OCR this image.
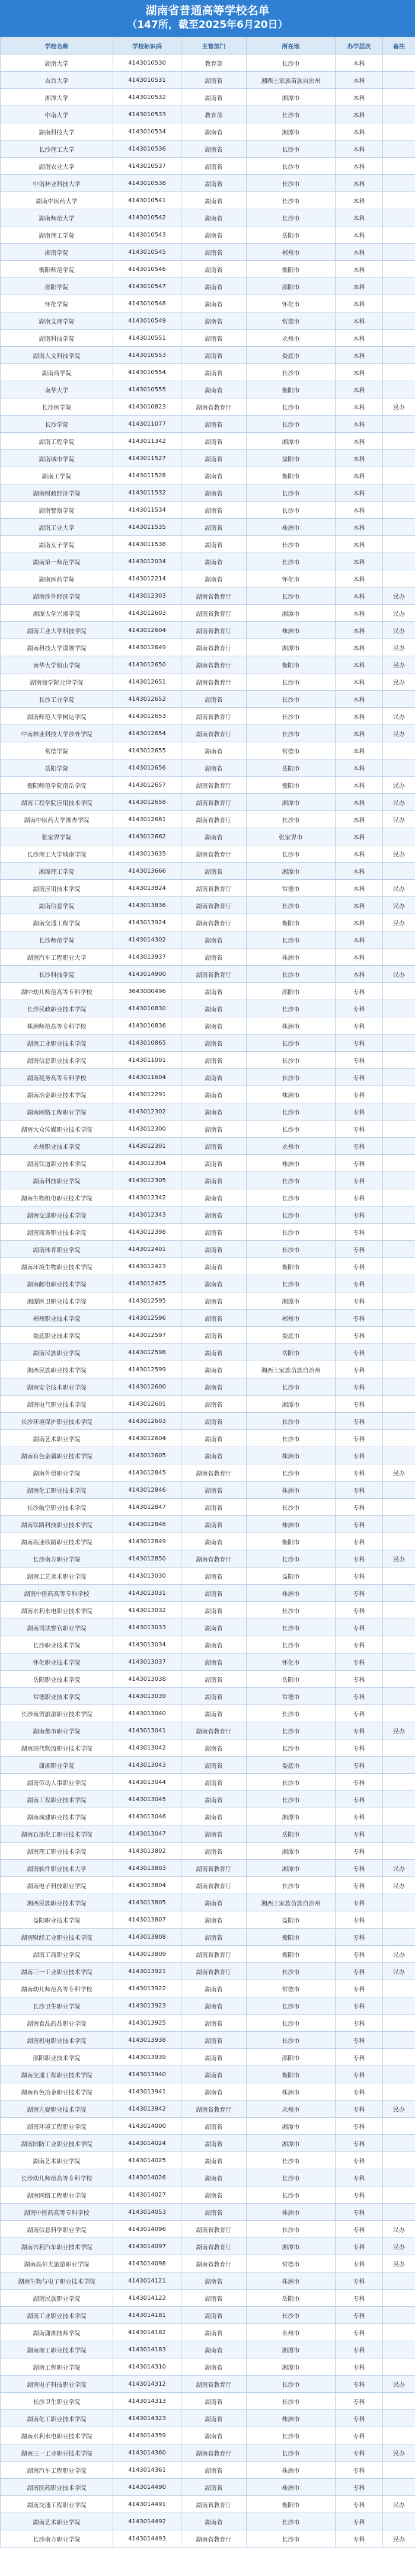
湖南省普通高等学校名单
（147所，截至2025年6月20日）
学校名称	学校标识码	主管部门	所在地	办学层次	备注
湖南大学	4143010530	教育部	长沙市	本科	
吉首大学	4143010531	湖南省	湘西土家族苗族自治州	本科	
湘潭大学	4143010532	湖南省	湘潭市	本科	
中南大学	4143010533	教育部	长沙市	本科	
湖南科技大学	4143010534	湖南省	湘潭市	本科	
长沙理工大学	4143010536	湖南省	长沙市	本科	
湖南农业大学	4143010537	湖南省	长沙市	本科	
中南林业科技大学	4143010538	湖南省	长沙市	本科	
湖南中医药大学	4143010541	湖南省	长沙市	本科	
湖南师范大学	4143010542	湖南省	长沙市	本科	
湖南理工学院	4143010543	湖南省	岳阳市	本科	
湘南学院	4143010545	湖南省	郴州市	本科	
衡阳师范学院	4143010546	湖南省	衡阳市	本科	
邵阳学院	4143010547	湖南省	邵阳市	本科	
怀化学院	4143010548	湖南省	怀化市	本科	
湖南文理学院	4143010549	湖南省	常德市	本科	
湖南科技学院	4143010551	湖南省	永州市	本科	
湖南人文科技学院	4143010553	湖南省	娄底市	本科	
湖南商学院	4143010554	湖南省	长沙市	本科	
南华大学	4143010555	湖南省	衡阳市	本科	
长沙医学院	4143010823	湖南省教育厅	长沙市	本科	民办
长沙学院	4143011077	湖南省	长沙市	本科	
湖南工程学院	4143011342	湖南省	湘潭市	本科	
湖南城市学院	4143011527	湖南省	益阳市	本科	
湖南工学院	4143011528	湖南省	衡阳市	本科	
湖南财政经济学院	4143011532	湖南省	长沙市	本科	
湖南警察学院	4143011534	湖南省	长沙市	本科	
湖南工业大学	4143011535	湖南省	株洲市	本科	
湖南女子学院	4143011538	湖南省	长沙市	本科	
湖南第一师范学院	4143012034	湖南省	长沙市	本科	
湖南医药学院	4143012214	湖南省	怀化市	本科	
湖南涉外经济学院	4143012303	湖南省教育厅	长沙市	本科	民办
湘潭大学兴湘学院	4143012603	湖南省教育厅	湘潭市	本科	民办
湖南工业大学科技学院	4143012604	湖南省教育厅	株洲市	本科	民办
湖南科技大学潇湘学院	4143012649	湖南省教育厅	湘潭市	本科	民办
南华大学船山学院	4143012650	湖南省教育厅	衡阳市	本科	民办
湖南商学院北津学院	4143012651	湖南省教育厅	长沙市	本科	民办
长沙工业学院	4143012652	湖南省	长沙市	本科	
湖南师范大学树达学院	4143012653	湖南省教育厅	长沙市	本科	民办
中南林业科技大学涉外学院	4143012654	湖南省教育厅	长沙市	本科	民办
常德学院	4143012655	湖南省	常德市	本科	
岳阳学院	4143012656	湖南省	岳阳市	本科	
衡阳师范学院南岳学院	4143012657	湖南省教育厅	衡阳市	本科	民办
湖南工程学院应用技术学院	4143012658	湖南省教育厅	湘潭市	本科	民办
湖南中医药大学湘杏学院	4143012661	湖南省教育厅	长沙市	本科	民办
张家界学院	4143012662	湖南省	张家界市	本科	
长沙理工大学城南学院	4143013635	湖南省教育厅	长沙市	本科	民办
湘潭理工学院	4143013666	湖南省	湘潭市	本科	
湖南应用技术学院	4143013824	湖南省教育厅	常德市	本科	民办
湖南信息学院	4143013836	湖南省教育厅	长沙市	本科	民办
湖南交通工程学院	4143013924	湖南省教育厅	衡阳市	本科	民办
长沙师范学院	4143014302	湖南省	长沙市	本科	
湖南汽车工程职业大学	4143013937	湖南省	株洲市	本科	
长沙科技学院	4143014900	湖南省教育厅	长沙市	本科	民办
湖中幼儿师范高等专科学校	3643000496	湖南省	邵阳市	专科	
长沙民政职业技术学院	4143010830	湖南省	长沙市	专科	
株洲师范高等专科学校	4143010836	湖南省	株洲市	专科	
湖南工业职业技术学院	4143010865	湖南省	长沙市	专科	
湖南信息职业技术学院	4143011001	湖南省	长沙市	专科	
湖南税务高等专科学校	4143011604	湖南省	长沙市	专科	
湖南冶金职业技术学院	4143012291	湖南省	株洲市	专科	
湖南网络工程职业学院	4143012302	湖南省	长沙市	专科	
湖南大众传媒职业技术学院	4143012300	湖南省	长沙市	专科	
永州职业技术学院	4143012301	湖南省	永州市	专科	
湖南铁道职业技术学院	4143012304	湖南省	株洲市	专科	
湖南科技职业学院	4143012305	湖南省	长沙市	专科	
湖南生物机电职业技术学院	4143012342	湖南省	长沙市	专科	
湖南交通职业技术学院	4143012343	湖南省	长沙市	专科	
湖南商务职业技术学院	4143012398	湖南省	长沙市	专科	
湖南体育职业学院	4143012401	湖南省	长沙市	专科	
湖南环境生物职业技术学院	4143012423	湖南省	衡阳市	专科	
湖南邮电职业技术学院	4143012425	湖南省	长沙市	专科	
湘潭医卫职业技术学院	4143012595	湖南省	湘潭市	专科	
郴州职业技术学院	4143012596	湖南省	郴州市	专科	
娄底职业技术学院	4143012597	湖南省	娄底市	专科	
湖南民族职业学院	4143012598	湖南省	岳阳市	专科	
湘西民族职业技术学院	4143012599	湖南省	湘西土家族苗族自治州	专科	
湖南安全技术职业学院	4143012600	湖南省	长沙市	专科	
湖南电气职业技术学院	4143012601	湖南省	湘潭市	专科	
长沙环境保护职业技术学院	4143012603	湖南省	长沙市	专科	
湖南艺术职业学院	4143012604	湖南省	长沙市	专科	
湖南有色金属职业技术学院	4143012605	湖南省	株洲市	专科	
湖南外贸职业学院	4143012845	湖南省教育厅	长沙市	专科	民办
湖南化工职业技术学院	4143012846	湖南省	株洲市	专科	
长沙航空职业技术学院	4143012847	湖南省	长沙市	专科	
湖南铁路科技职业技术学院	4143012848	湖南省	株洲市	专科	
湖南高速铁路职业技术学院	4143012849	湖南省	衡阳市	专科	
长沙南方职业学院	4143012850	湖南省教育厅	长沙市	专科	民办
湖南工艺美术职业学院	4143013030	湖南省	益阳市	专科	
湖南中医药高等专科学校	4143013031	湖南省	株洲市	专科	
湖南水利水电职业技术学院	4143013032	湖南省	长沙市	专科	
湖南司法警官职业学院	4143013033	湖南省	长沙市	专科	
长沙职业技术学院	4143013034	湖南省	长沙市	专科	
怀化职业技术学院	4143013037	湖南省	怀化市	专科	
岳阳职业技术学院	4143013038	湖南省	岳阳市	专科	
常德职业技术学院	4143013039	湖南省	常德市	专科	
长沙商贸旅游职业技术学院	4143013040	湖南省	长沙市	专科	
湖南都市职业学院	4143013041	湖南省教育厅	长沙市	专科	民办
湖南现代物流职业技术学院	4143013042	湖南省	长沙市	专科	
潇湘职业学院	4143013043	湖南省	娄底市	专科	
湖南劳动人事职业学院	4143013044	湖南省	长沙市	专科	
湖南工程职业技术学院	4143013045	湖南省	长沙市	专科	
湖南城建职业技术学院	4143013046	湖南省	湘潭市	专科	
湖南石油化工职业技术学院	4143013047	湖南省	岳阳市	专科	
湖南理工职业技术学院	4143013802	湖南省	湘潭市	专科	
湖南软件职业技术大学	4143013803	湖南省教育厅	湘潭市	专科	民办
湖南电子科技职业学院	4143013804	湖南省教育厅	长沙市	专科	民办
湘西民族职业技术学院	4143013805	湖南省	湘西土家族苗族自治州	专科	
益阳职业技术学院	4143013807	湖南省	益阳市	专科	
湖南财经工业职业技术学院	4143013808	湖南省	衡阳市	专科	
湖南工商职业学院	4143013809	湖南省教育厅	衡阳市	专科	民办
湖南三一工业职业技术学院	4143013921	湖南省教育厅	长沙市	专科	民办
湖南幼儿师范高等专科学校	4143013922	湖南省	常德市	专科	
长沙卫生职业学院	4143013923	湖南省	长沙市	专科	
湖南食品药品职业学院	4143013925	湖南省	长沙市	专科	
湖南机电职业技术学院	4143013938	湖南省	长沙市	专科	
邵阳职业技术学院	4143013939	湖南省	邵阳市	专科	
湖南交通工程职业技术学院	4143013940	湖南省	衡阳市	专科	
湖南有色冶金职业技术学院	4143013941	湖南省	株洲市	专科	
湖南九嶷职业技术学院	4143013942	湖南省教育厅	永州市	专科	民办
湖南环境工程职业学院	4143014000	湖南省	湘潭市	专科	
湖南国防工业职业技术学院	4143014024	湖南省	湘潭市	专科	
湖南艺术职业学院	4143014025	湖南省	长沙市	专科	
长沙幼儿师范高等专科学校	4143014026	湖南省	长沙市	专科	
湖南网络工程职业学院	4143014027	湖南省	长沙市	专科	
湖南中医药高等专科学校	4143014053	湖南省	株洲市	专科	
湖南信息科学职业学院	4143014096	湖南省教育厅	长沙市	专科	民办
湖南吉利汽车职业技术学院	4143014097	湖南省教育厅	湘潭市	专科	民办
湖南高尔夫旅游职业学院	4143014098	湖南省教育厅	常德市	专科	民办
湖南生物与电子职业技术学院	4143014121	湖南省	株洲市	专科	
湖南民族职业学院	4143014122	湖南省	岳阳市	专科	
湖南工业职业技术学院	4143014181	湖南省	长沙市	专科	
湖南潇湘技师学院	4143014182	湖南省	永州市	专科	
湖南理工职业技术学院	4143014183	湖南省	湘潭市	专科	
湖南工程职业学院	4143014310	湖南省	湘潭市	专科	
湖南电子科技职业学院	4143014312	湖南省教育厅	长沙市	专科	民办
长沙卫生职业学院	4143014313	湖南省	长沙市	专科	
湖南化工职业技术学院	4143014323	湖南省	株洲市	专科	
湖南水利水电职业技术学院	4143014359	湖南省	长沙市	专科	
湖南三一工业职业技术学院	4143014360	湖南省教育厅	长沙市	专科	民办
湖南汽车工程职业学院	4143014361	湖南省	株洲市	专科	
湖南医药职业技术学院	4143014490	湖南省	株洲市	专科	
湖南交通工程职业学院	4143014491	湖南省教育厅	衡阳市	专科	民办
湖南艺术职业学院	4143014492	湖南省	长沙市	专科	
长沙南方职业学院	4143014493	湖南省教育厅	长沙市	专科	民办
